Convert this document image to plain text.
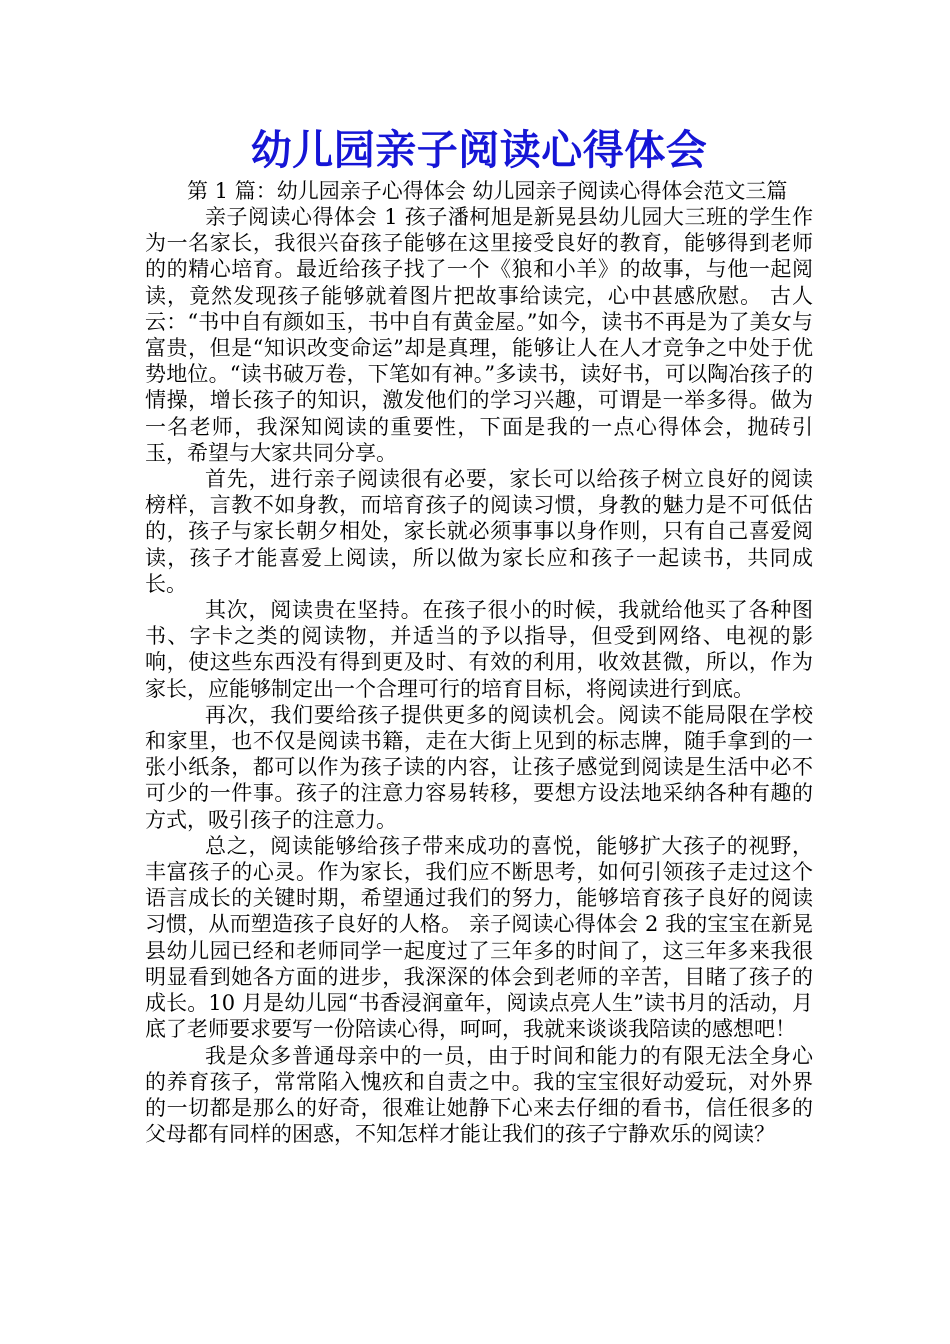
幼儿园亲子阅读心得体会

第 1 篇：幼儿园亲子心得体会 幼儿园亲子阅读心得体会范文三篇

亲子阅读心得体会 1 孩子潘柯旭是新晃县幼儿园大三班的学生作为一名家长，我很兴奋孩子能够在这里接受良好的教育，能够得到老师的的精心培育。最近给孩子找了一个《狼和小羊》的故事，与他一起阅读，竟然发现孩子能够就着图片把故事给读完，心中甚感欣慰。 古人云：“书中自有颜如玉，书中自有黄金屋。”如今，读书不再是为了美女与富贵，但是“知识改变命运”却是真理，能够让人在人才竞争之中处于优势地位。“读书破万卷，下笔如有神。”多读书，读好书，可以陶冶孩子的情操，增长孩子的知识，激发他们的学习兴趣，可谓是一举多得。做为一名老师，我深知阅读的重要性，下面是我的一点心得体会，抛砖引玉，希望与大家共同分享。

首先，进行亲子阅读很有必要，家长可以给孩子树立良好的阅读榜样，言教不如身教，而培育孩子的阅读习惯，身教的魅力是不可低估的，孩子与家长朝夕相处，家长就必须事事以身作则，只有自己喜爱阅读，孩子才能喜爱上阅读，所以做为家长应和孩子一起读书，共同成长。

其次，阅读贵在坚持。在孩子很小的时候，我就给他买了各种图书、字卡之类的阅读物，并适当的予以指导，但受到网络、电视的影响，使这些东西没有得到更及时、有效的利用，收效甚微，所以，作为家长，应能够制定出一个合理可行的培育目标，将阅读进行到底。

再次，我们要给孩子提供更多的阅读机会。阅读不能局限在学校和家里，也不仅是阅读书籍，走在大街上见到的标志牌，随手拿到的一张小纸条，都可以作为孩子读的内容，让孩子感觉到阅读是生活中必不可少的一件事。孩子的注意力容易转移，要想方设法地采纳各种有趣的方式，吸引孩子的注意力。

总之，阅读能够给孩子带来成功的喜悦，能够扩大孩子的视野，丰富孩子的心灵。作为家长，我们应不断思考，如何引领孩子走过这个语言成长的关键时期，希望通过我们的努力，能够培育孩子良好的阅读习惯，从而塑造孩子良好的人格。 亲子阅读心得体会 2 我的宝宝在新晃县幼儿园已经和老师同学一起度过了三年多的时间了，这三年多来我很明显看到她各方面的进步，我深深的体会到老师的辛苦，目睹了孩子的成长。10 月是幼儿园“书香浸润童年，阅读点亮人生”读书月的活动，月底了老师要求要写一份陪读心得，呵呵，我就来谈谈我陪读的感想吧！

我是众多普通母亲中的一员，由于时间和能力的有限无法全身心的养育孩子，常常陷入愧疚和自责之中。我的宝宝很好动爱玩，对外界的一切都是那么的好奇，很难让她静下心来去仔细的看书，信任很多的父母都有同样的困惑，不知怎样才能让我们的孩子宁静欢乐的阅读？
